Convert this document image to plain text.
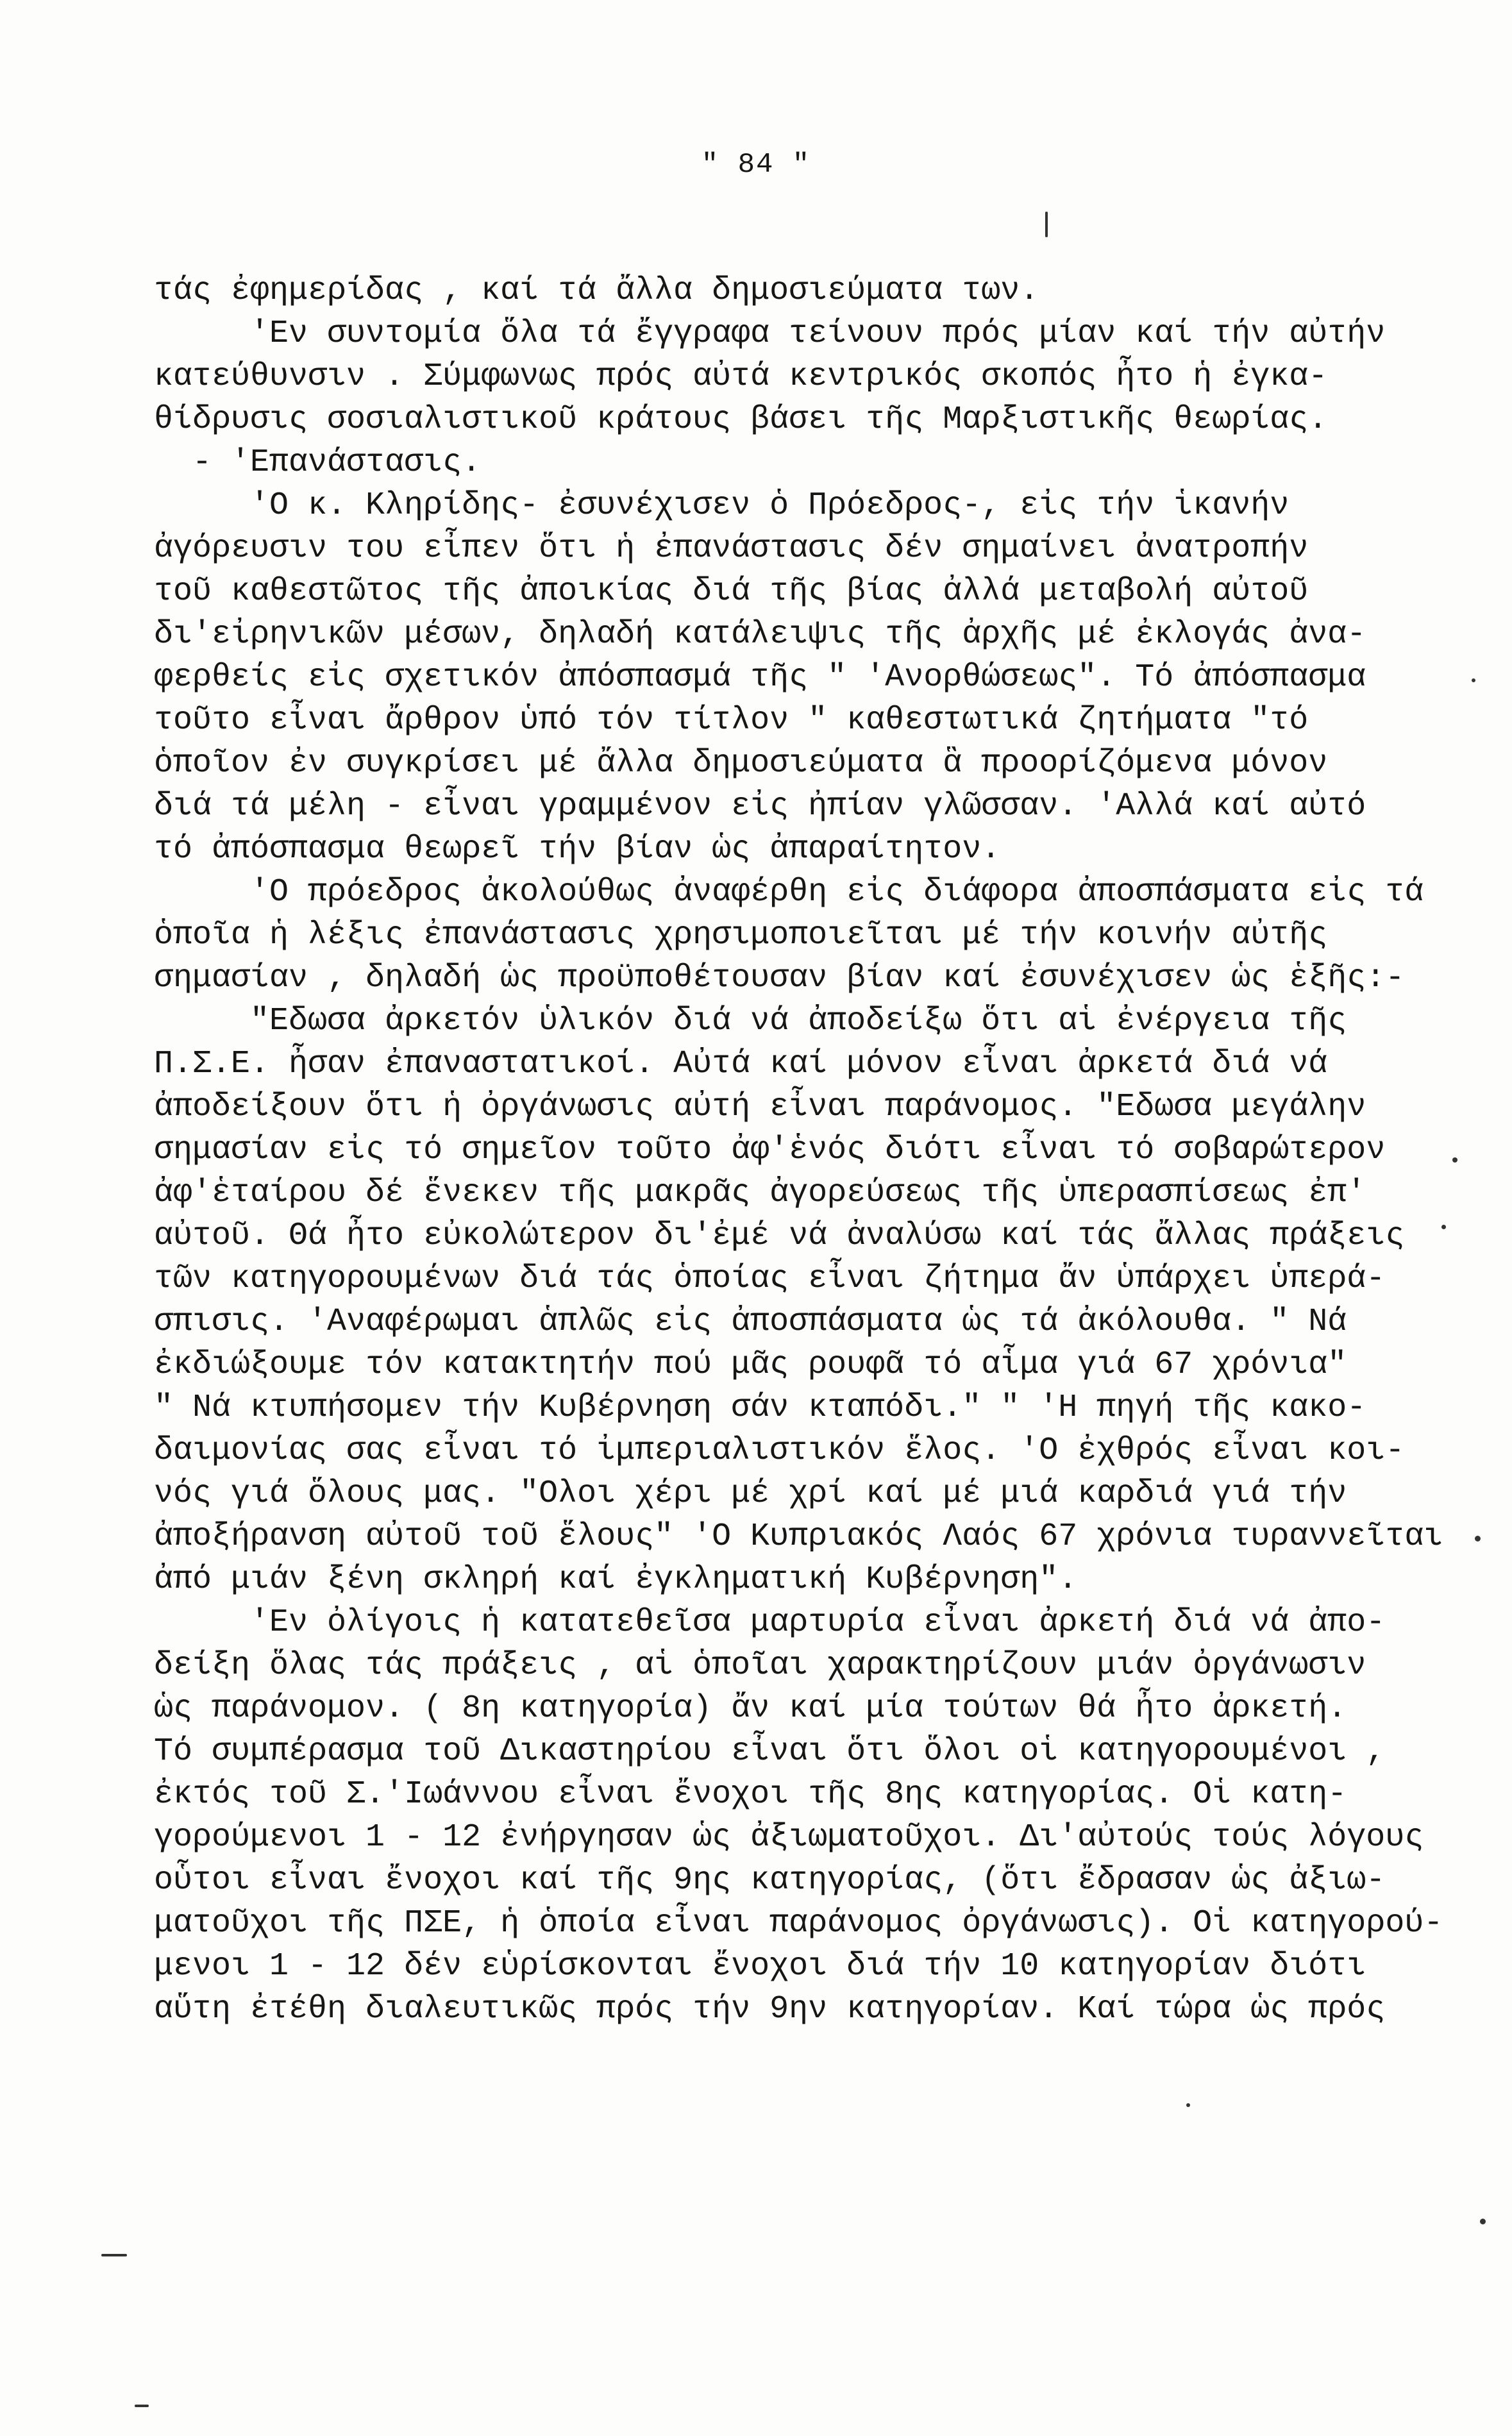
" 84 "
τάς ἐφημερίδας , καί τά ἄλλα δημοσιεύματα των.
'Εν συντομία ὅλα τά ἔγγραφα τείνουν πρός μίαν καί τήν αὐτήν
κατεύθυνσιν . Σύμφωνως πρός αὐτά κεντρικός σκοπός ἦτο ἡ ἐγκα-
θίδρυσις σοσιαλιστικοῦ κράτους βάσει τῆς Μαρξιστικῆς θεωρίας.
- 'Επανάστασις.
'Ο κ. Κληρίδης- ἐσυνέχισεν ὁ Πρόεδρος-, εἰς τήν ἱκανήν
ἀγόρευσιν του εἶπεν ὅτι ἡ ἐπανάστασις δέν σημαίνει ἀνατροπήν
τοῦ καθεστῶτος τῆς ἀποικίας διά τῆς βίας ἀλλά μεταβολή αὐτοῦ
δι'εἰρηνικῶν μέσων, δηλαδή κατάλειψις τῆς ἀρχῆς μέ ἐκλογάς ἀνα-
φερθείς εἰς σχετικόν ἀπόσπασμά τῆς " 'Ανορθώσεως". Τό ἀπόσπασμα
τοῦτο εἶναι ἄρθρον ὑπό τόν τίτλον " καθεστωτικά ζητήματα "τό
ὁποῖον ἐν συγκρίσει μέ ἄλλα δημοσιεύματα ἃ προορίζόμενα μόνον
διά τά μέλη - εἶναι γραμμένον εἰς ἠπίαν γλῶσσαν. 'Αλλά καί αὐτό
τό ἀπόσπασμα θεωρεῖ τήν βίαν ὡς ἀπαραίτητον.
'Ο πρόεδρος ἀκολούθως ἀναφέρθη εἰς διάφορα ἀποσπάσματα εἰς τά
ὁποῖα ἡ λέξις ἐπανάστασις χρησιμοποιεῖται μέ τήν κοινήν αὐτῆς
σημασίαν , δηλαδή ὡς προϋποθέτουσαν βίαν καί ἐσυνέχισεν ὡς ἑξῆς:-
"Εδωσα ἀρκετόν ὑλικόν διά νά ἀποδείξω ὅτι αἱ ἐνέργεια τῆς
Π.Σ.Ε. ἦσαν ἐπαναστατικοί. Αὐτά καί μόνον εἶναι ἀρκετά διά νά
ἀποδείξουν ὅτι ἡ ὀργάνωσις αὐτή εἶναι παράνομος. "Εδωσα μεγάλην
σημασίαν εἰς τό σημεῖον τοῦτο ἀφ'ἑνός διότι εἶναι τό σοβαρώτερον
ἀφ'ἑταίρου δέ ἕνεκεν τῆς μακρᾶς ἀγορεύσεως τῆς ὑπερασπίσεως ἐπ'
αὐτοῦ. Θά ἦτο εὐκολώτερον δι'ἐμέ νά ἀναλύσω καί τάς ἄλλας πράξεις
τῶν κατηγορουμένων διά τάς ὁποίας εἶναι ζήτημα ἄν ὑπάρχει ὑπερά-
σπισις. 'Αναφέρωμαι ἁπλῶς εἰς ἀποσπάσματα ὡς τά ἀκόλουθα. " Νά
ἐκδιώξουμε τόν κατακτητήν πού μᾶς ρουφᾶ τό αἷμα γιά 67 χρόνια"
" Νά κτυπήσομεν τήν Κυβέρνηση σάν κταπόδι." " 'Η πηγή τῆς κακο-
δαιμονίας σας εἶναι τό ἰμπεριαλιστικόν ἕλος. 'Ο ἐχθρός εἶναι κοι-
νός γιά ὅλους μας. "Ολοι χέρι μέ χρί καί μέ μιά καρδιά γιά τήν
ἀποξήρανση αὐτοῦ τοῦ ἕλους" 'Ο Κυπριακός Λαός 67 χρόνια τυραννεῖται
ἀπό μιάν ξένη σκληρή καί ἐγκληματική Κυβέρνηση".
'Εν ὀλίγοις ἡ κατατεθεῖσα μαρτυρία εἶναι ἀρκετή διά νά ἀπο-
δείξη ὅλας τάς πράξεις , αἱ ὁποῖαι χαρακτηρίζουν μιάν ὀργάνωσιν
ὡς παράνομον. ( 8η κατηγορία) ἄν καί μία τούτων θά ἦτο ἀρκετή.
Τό συμπέρασμα τοῦ Δικαστηρίου εἶναι ὅτι ὅλοι οἱ κατηγορουμένοι ,
ἐκτός τοῦ Σ.'Ιωάννου εἶναι ἔνοχοι τῆς 8ης κατηγορίας. Οἱ κατη-
γορούμενοι 1 - 12 ἐνήργησαν ὡς ἀξιωματοῦχοι. Δι'αὐτούς τούς λόγους
οὗτοι εἶναι ἔνοχοι καί τῆς 9ης κατηγορίας, (ὅτι ἔδρασαν ὡς ἀξιω-
ματοῦχοι τῆς ΠΣΕ, ἡ ὁποία εἶναι παράνομος ὀργάνωσις). Οἱ κατηγορού-
μενοι 1 - 12 δέν εὑρίσκονται ἔνοχοι διά τήν 10 κατηγορίαν διότι
αὕτη ἐτέθη διαλευτικῶς πρός τήν 9ην κατηγορίαν. Καί τώρα ὡς πρός
